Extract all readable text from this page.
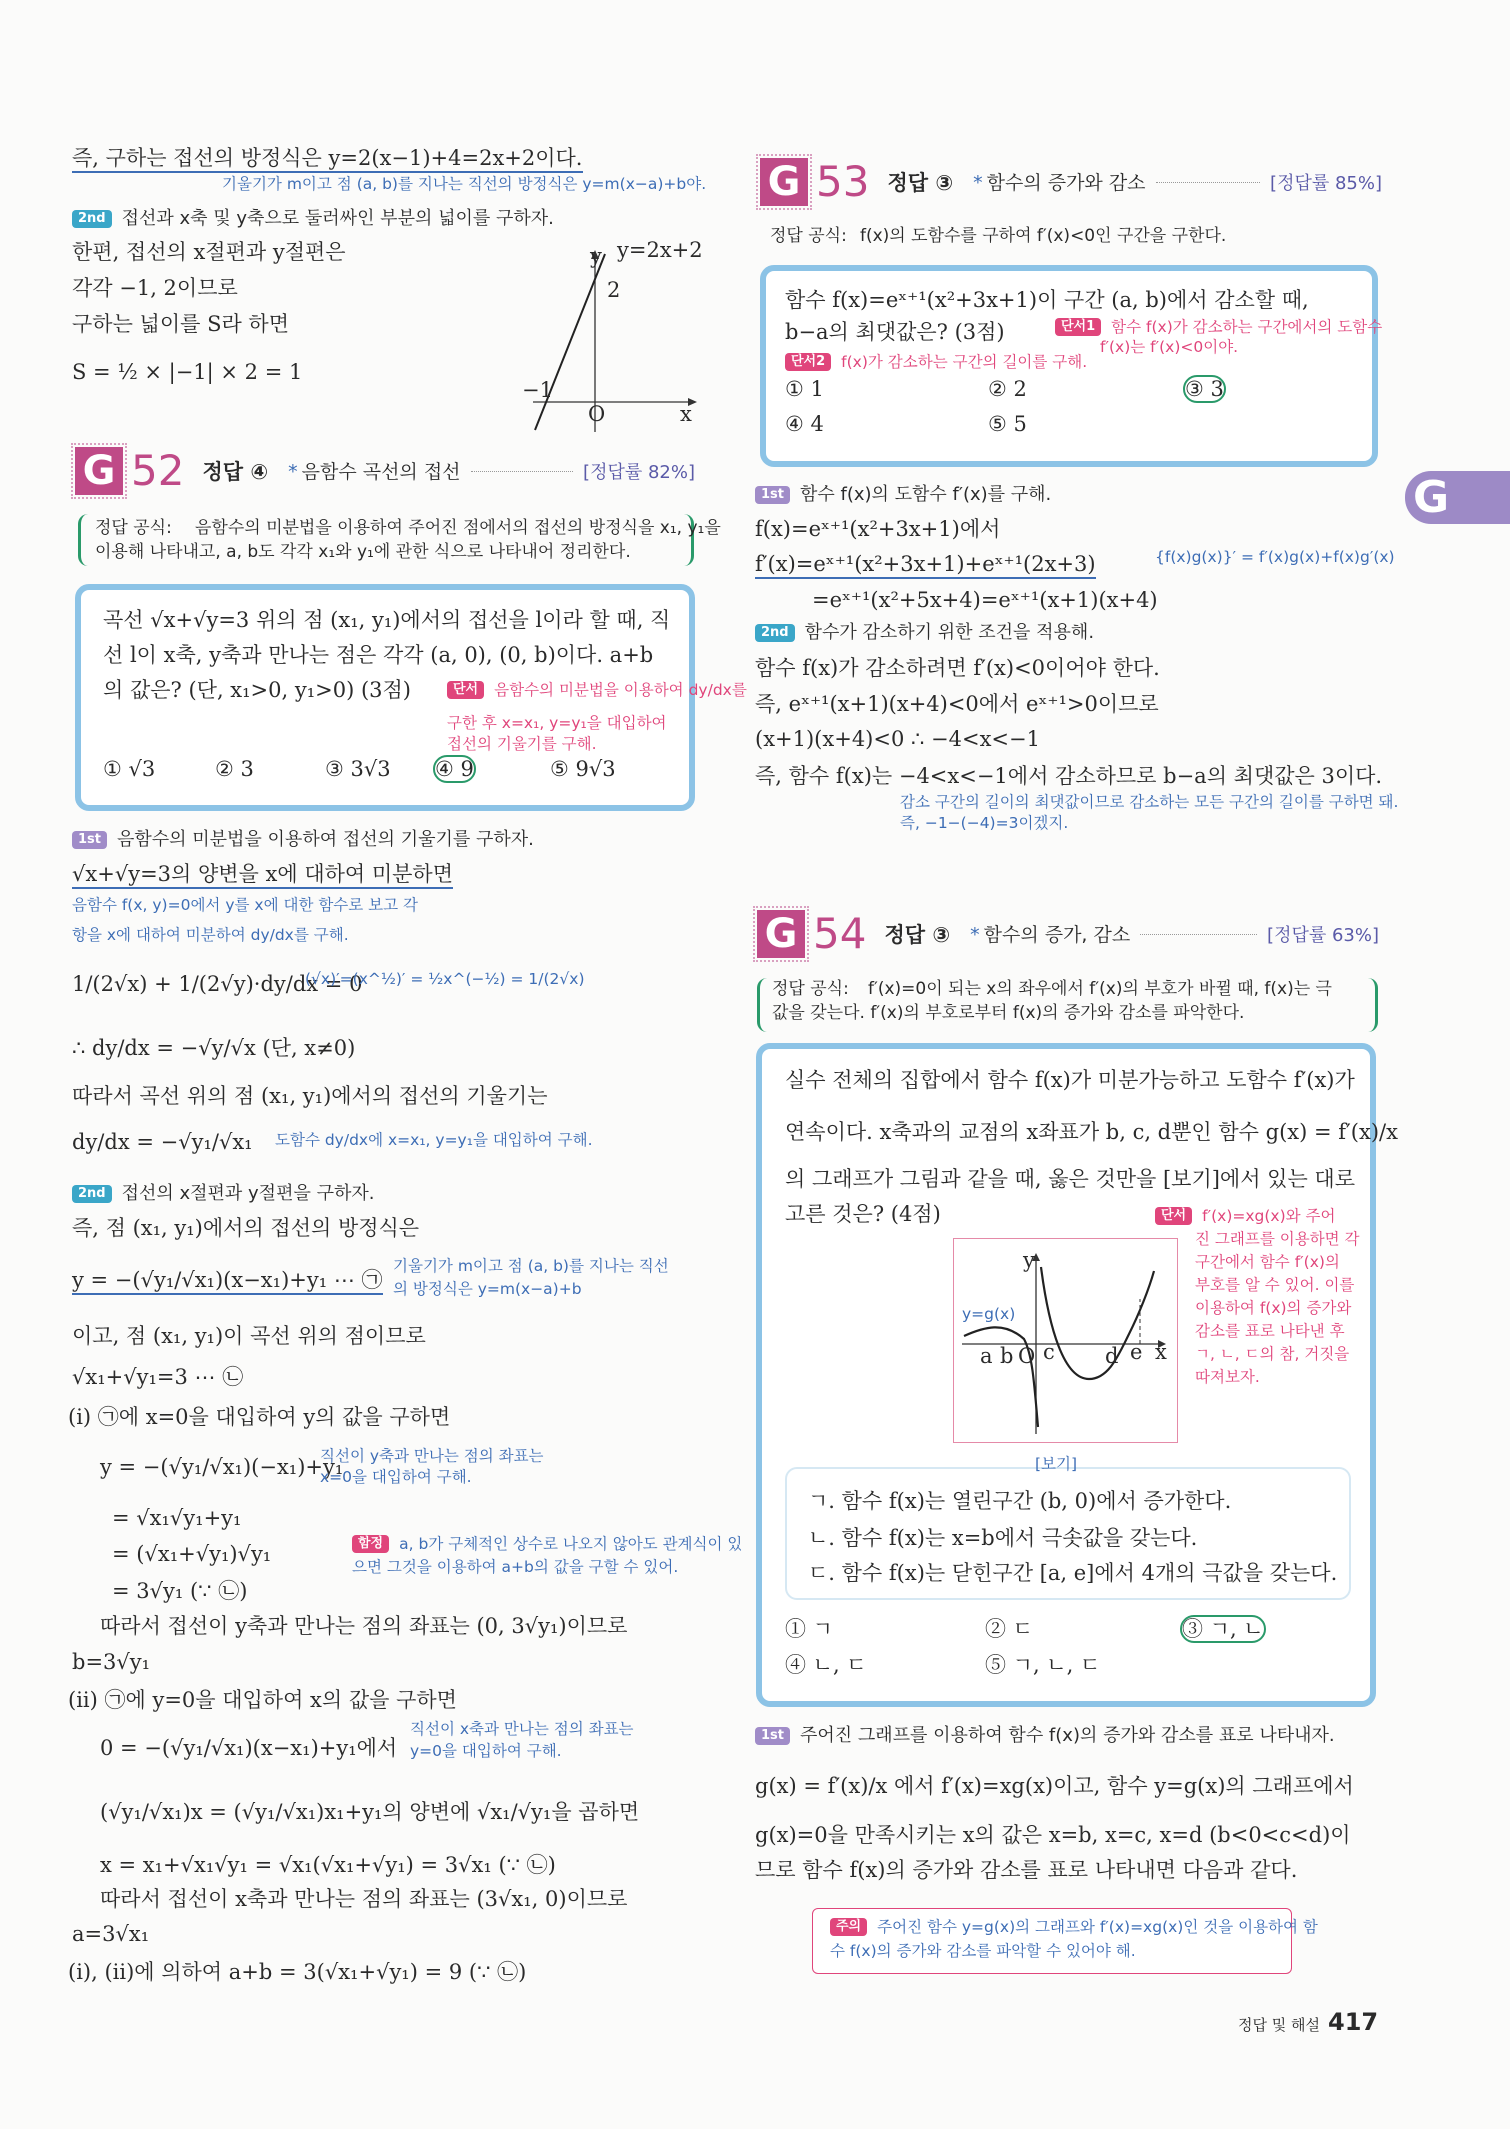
G
G 52 정답 ④	* 음함수 곡선의 접선	[정답률 82%]
G 53 정답 ③	* 함수의 증가와 감소	[정답률 85%]
G 54 정답 ③	* 함수의 증가, 감소	[정답률 63%]
정답 및 해설 417
즉, 구하는 접선의 방정식은 y=2(x−1)+4=2x+2이다.
기울기가 m이고 점 (a, b)를 지나는 직선의 방정식은 y=m(x−a)+b야.
2nd 접선과 x축 및 y축으로 둘러싸인 부분의 넓이를 구하자.
한편, 접선의 x절편과 y절편은
각각 −1, 2이므로
구하는 넓이를 S라 하면
S = ½ × |−1| × 2 = 1
y=2x+2
y
2
−1
O	x
정답 공식: 음함수의 미분법을 이용하여 주어진 점에서의 접선의 방정식을 x₁, y₁을
이용해 나타내고, a, b도 각각 x₁와 y₁에 관한 식으로 나타내어 정리한다.
곡선 √x+√y=3 위의 점 (x₁, y₁)에서의 접선을 l이라 할 때, 직
선 l이 x축, y축과 만나는 점은 각각 (a, 0), (0, b)이다. a+b
의 값은? (단, x₁>0, y₁>0) (3점)	단서 음함수의 미분법을 이용하여 dy/dx를
구한 후 x=x₁, y=y₁을 대입하여
접선의 기울기를 구해.
① √3	② 3	③ 3√3 ④ 9	⑤ 9√3
1st 음함수의 미분법을 이용하여 접선의 기울기를 구하자.
√x+√y=3의 양변을 x에 대하여 미분하면
음함수 f(x, y)=0에서 y를 x에 대한 함수로 보고 각
항을 x에 대하여 미분하여 dy/dx를 구해.
1/(2√x) + 1/(2√y)·dy/dx = 0
(√x)′=(x^½)′ = ½x^(−½) = 1/(2√x)
∴ dy/dx = −√y/√x (단, x≠0)
따라서 곡선 위의 점 (x₁, y₁)에서의 접선의 기울기는
dy/dx = −√y₁/√x₁ 도함수 dy/dx에 x=x₁, y=y₁을 대입하여 구해.
2nd 접선의 x절편과 y절편을 구하자.
즉, 점 (x₁, y₁)에서의 접선의 방정식은
y = −(√y₁/√x₁)(x−x₁)+y₁ ⋯ ㉠
기울기가 m이고 점 (a, b)를 지나는 직선
의 방정식은 y=m(x−a)+b
이고, 점 (x₁, y₁)이 곡선 위의 점이므로
√x₁+√y₁=3 ⋯ ㉡
(i) ㉠에 x=0을 대입하여 y의 값을 구하면
y = −(√y₁/√x₁)(−x₁)+y₁
직선이 y축과 만나는 점의 좌표는
x=0을 대입하여 구해.
= √x₁√y₁+y₁
= (√x₁+√y₁)√y₁
= 3√y₁ (∵ ㉡)
따라서 접선이 y축과 만나는 점의 좌표는 (0, 3√y₁)이므로
b=3√y₁
(ii) ㉠에 y=0을 대입하여 x의 값을 구하면
0 = −(√y₁/√x₁)(x−x₁)+y₁에서
직선이 x축과 만나는 점의 좌표는
y=0을 대입하여 구해.
(√y₁/√x₁)x = (√y₁/√x₁)x₁+y₁의 양변에 √x₁/√y₁을 곱하면
x = x₁+√x₁√y₁ = √x₁(√x₁+√y₁) = 3√x₁ (∵ ㉡)
따라서 접선이 x축과 만나는 점의 좌표는 (3√x₁, 0)이므로
a=3√x₁
(i), (ii)에 의하여 a+b = 3(√x₁+√y₁) = 9 (∵ ㉡)
함정 a, b가 구체적인 상수로 나오지 않아도 관계식이 있
으면 그것을 이용하여 a+b의 값을 구할 수 있어.
정답 공식: f(x)의 도함수를 구하여 f′(x)<0인 구간을 구한다.
함수 f(x)=eˣ⁺¹(x²+3x+1)이 구간 (a, b)에서 감소할 때,
b−a의 최댓값은? (3점)	단서1 함수 f(x)가 감소하는 구간에서의 도함수
f′(x)는 f′(x)<0이야.
단서2 f(x)가 감소하는 구간의 길이를 구해.
① 1	② 2	③ 3
④ 4	⑤ 5
1st 함수 f(x)의 도함수 f′(x)를 구해.
f(x)=eˣ⁺¹(x²+3x+1)에서
f′(x)=eˣ⁺¹(x²+3x+1)+eˣ⁺¹(2x+3)	{f(x)g(x)}′ = f′(x)g(x)+f(x)g′(x)
=eˣ⁺¹(x²+5x+4)=eˣ⁺¹(x+1)(x+4)
2nd 함수가 감소하기 위한 조건을 적용해.
함수 f(x)가 감소하려면 f′(x)<0이어야 한다.
즉, eˣ⁺¹(x+1)(x+4)<0에서 eˣ⁺¹>0이므로
(x+1)(x+4)<0 ∴ −4<x<−1
즉, 함수 f(x)는 −4<x<−1에서 감소하므로 b−a의 최댓값은 3이다.
감소 구간의 길이의 최댓값이므로 감소하는 모든 구간의 길이를 구하면 돼.
즉, −1−(−4)=3이겠지.
정답 공식: f′(x)=0이 되는 x의 좌우에서 f′(x)의 부호가 바뀔 때, f(x)는 극
값을 갖는다. f′(x)의 부호로부터 f(x)의 증가와 감소를 파악한다.
실수 전체의 집합에서 함수 f(x)가 미분가능하고 도함수 f′(x)가
연속이다. x축과의 교점의 x좌표가 b, c, d뿐인 함수 g(x) = f′(x)/x
의 그래프가 그림과 같을 때, 옳은 것만을 [보기]에서 있는 대로
고른 것은? (4점)	단서 f′(x)=xg(x)와 주어
진 그래프를 이용하면 각
구간에서 함수 f′(x)의
부호를 알 수 있어. 이를
이용하여 f(x)의 증가와
감소를 표로 나타낸 후
ㄱ, ㄴ, ㄷ의 참, 거짓을
따져보자.
y=g(x)
y
a b O c d e x
[보기]
ㄱ. 함수 f(x)는 열린구간 (b, 0)에서 증가한다.
ㄴ. 함수 f(x)는 x=b에서 극솟값을 갖는다.
ㄷ. 함수 f(x)는 닫힌구간 [a, e]에서 4개의 극값을 갖는다.
① ㄱ	② ㄷ	③ ㄱ, ㄴ
④ ㄴ, ㄷ	⑤ ㄱ, ㄴ, ㄷ
1st 주어진 그래프를 이용하여 함수 f(x)의 증가와 감소를 표로 나타내자.
g(x) = f′(x)/x 에서 f′(x)=xg(x)이고, 함수 y=g(x)의 그래프에서
g(x)=0을 만족시키는 x의 값은 x=b, x=c, x=d (b<0<c<d)이
므로 함수 f(x)의 증가와 감소를 표로 나타내면 다음과 같다.
주의 주어진 함수 y=g(x)의 그래프와 f′(x)=xg(x)인 것을 이용하여 함
수 f(x)의 증가와 감소를 파악할 수 있어야 해.
